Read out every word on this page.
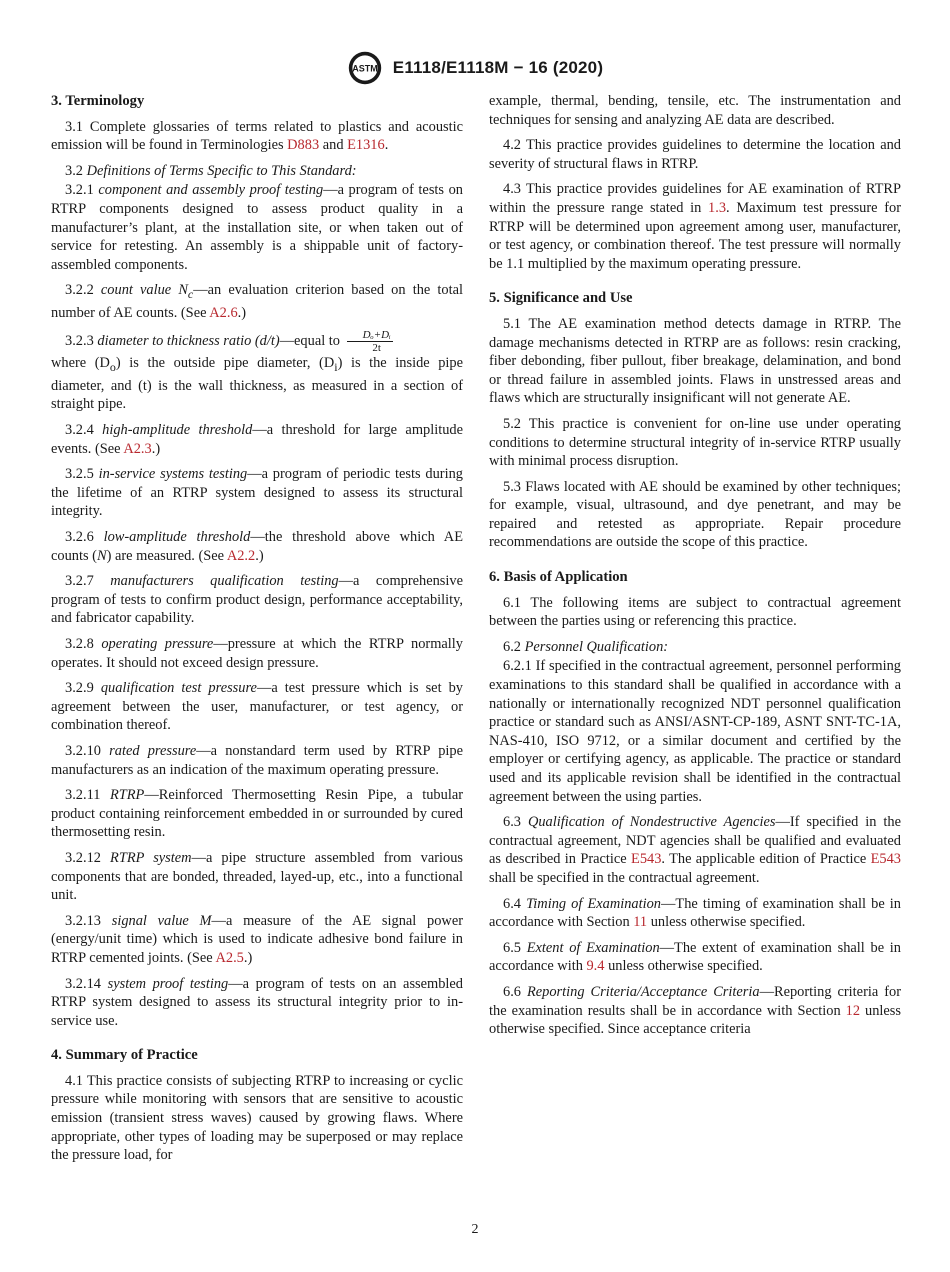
ASTM E1118/E1118M − 16 (2020)
3. Terminology

3.1 Complete glossaries of terms related to plastics and acoustic emission will be found in Terminologies D883 and E1316.

3.2 Definitions of Terms Specific to This Standard:

3.2.1 component and assembly proof testing—a program of tests on RTRP components designed to assess product quality in a manufacturer’s plant, at the installation site, or when taken out of service for retesting. An assembly is a shippable unit of factory-assembled components.

3.2.2 count value $N_c—an$ evaluation criterion based on the total number of AE counts. (See A2.6.)

3.2.3 diameter to thickness ratio (d/t)—equal to $\frac{\text{Dₒ+Dᵢ}}{2t}$

where $(D_o)$ is the outside pipe diameter, $(D_i)$ is the inside pipe diameter, and (t) is the wall thickness, as measured in a section of straight pipe.

3.2.4 high-amplitude threshold—a threshold for large amplitude events. (See A2.3.)

3.2.5 in-service systems testing—a program of periodic tests during the lifetime of an RTRP system designed to assess its structural integrity.

3.2.6 low-amplitude threshold—the threshold above which AE counts (N) are measured. (See A2.2.)

3.2.7 manufacturers qualification testing—a comprehensive program of tests to confirm product design, performance acceptability, and fabricator capability.

3.2.8 operating pressure—pressure at which the RTRP normally operates. It should not exceed design pressure.

3.2.9 qualification test pressure—a test pressure which is set by agreement between the user, manufacturer, or test agency, or combination thereof.

3.2.10 rated pressure—a nonstandard term used by RTRP pipe manufacturers as an indication of the maximum operating pressure.

3.2.11 RTRP—Reinforced Thermosetting Resin Pipe, a tubular product containing reinforcement embedded in or surrounded by cured thermosetting resin.

3.2.12 RTRP system—a pipe structure assembled from various components that are bonded, threaded, layed-up, etc., into a functional unit.

3.2.13 signal value M—a measure of the AE signal power (energy/unit time) which is used to indicate adhesive bond failure in RTRP cemented joints. (See A2.5.)

3.2.14 system proof testing—a program of tests on an assembled RTRP system designed to assess its structural integrity prior to in-service use.

4. Summary of Practice

4.1 This practice consists of subjecting RTRP to increasing or cyclic pressure while monitoring with sensors that are sensitive to acoustic emission (transient stress waves) caused by growing flaws. Where appropriate, other types of loading may be superposed or may replace the pressure load, for

example, thermal, bending, tensile, etc. The instrumentation and techniques for sensing and analyzing AE data are described.

4.2 This practice provides guidelines to determine the location and severity of structural flaws in RTRP.

4.3 This practice provides guidelines for AE examination of RTRP within the pressure range stated in 1.3. Maximum test pressure for RTRP will be determined upon agreement among user, manufacturer, or test agency, or combination thereof. The test pressure will normally be 1.1 multiplied by the maximum operating pressure.

5. Significance and Use

5.1 The AE examination method detects damage in RTRP. The damage mechanisms detected in RTRP are as follows: resin cracking, fiber debonding, fiber pullout, fiber breakage, delamination, and bond or thread failure in assembled joints. Flaws in unstressed areas and flaws which are structurally insignificant will not generate AE.

5.2 This practice is convenient for on-line use under operating conditions to determine structural integrity of in-service RTRP usually with minimal process disruption.

5.3 Flaws located with AE should be examined by other techniques; for example, visual, ultrasound, and dye penetrant, and may be repaired and retested as appropriate. Repair procedure recommendations are outside the scope of this practice.

6. Basis of Application

6.1 The following items are subject to contractual agreement between the parties using or referencing this practice.

6.2 Personnel Qualification:

6.2.1 If specified in the contractual agreement, personnel performing examinations to this standard shall be qualified in accordance with a nationally or internationally recognized NDT personnel qualification practice or standard such as ANSI/ASNT-CP-189, ASNT SNT-TC-1A, NAS-410, ISO 9712, or a similar document and certified by the employer or certifying agency, as applicable. The practice or standard used and its applicable revision shall be identified in the contractual agreement between the using parties.

6.3 Qualification of Nondestructive Agencies—If specified in the contractual agreement, NDT agencies shall be qualified and evaluated as described in Practice E543. The applicable edition of Practice E543 shall be specified in the contractual agreement.

6.4 Timing of Examination—The timing of examination shall be in accordance with Section 11 unless otherwise specified.

6.5 Extent of Examination—The extent of examination shall be in accordance with 9.4 unless otherwise specified.

6.6 Reporting Criteria/Acceptance Criteria—Reporting criteria for the examination results shall be in accordance with Section 12 unless otherwise specified. Since acceptance criteria

2
